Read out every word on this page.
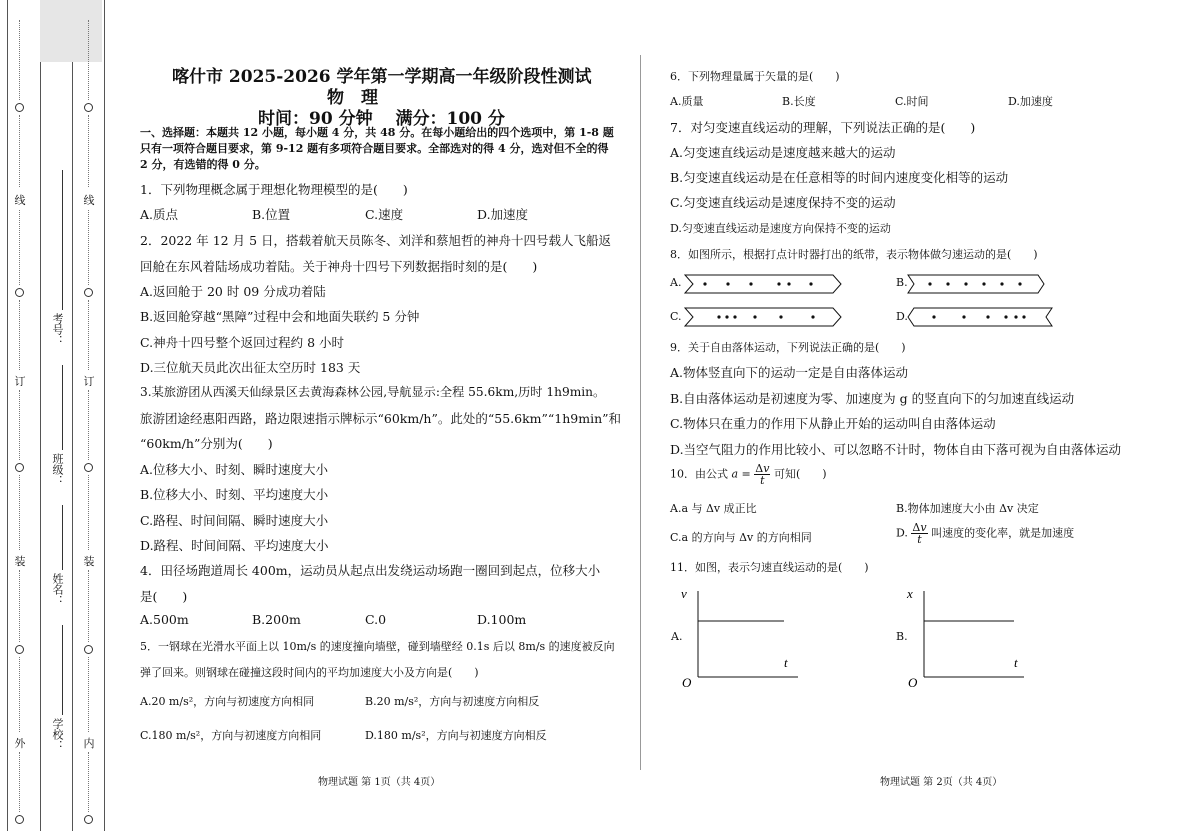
线
订
装
外
线
订
装
内
考号：
班级：
姓名：
学校：
喀什市 2025-2026 学年第一学期高一年级阶段性测试
物　理
时间：90 分钟　 满分：100 分
一、选择题：本题共 12 小题，每小题 4 分，共 48 分。在每小题给出的四个选项中，第 1-8 题
只有一项符合题目要求，第 9-12 题有多项符合题目要求。全部选对的得 4 分，选对但不全的得
2 分，有选错的得 0 分。
1．下列物理概念属于理想化物理模型的是(　　)
A.质点	B.位置	C.速度	D.加速度
2．2022 年 12 月 5 日，搭载着航天员陈冬、刘洋和蔡旭哲的神舟十四号载人飞船返
回舱在东风着陆场成功着陆。关于神舟十四号下列数据指时刻的是(　　)
A.返回舱于 20 时 09 分成功着陆
B.返回舱穿越“黑障”过程中会和地面失联约 5 分钟
C.神舟十四号整个返回过程约 8 小时
D.三位航天员此次出征太空历时 183 天
3.某旅游团从西溪天仙绿景区去黄海森林公园,导航显示:全程 55.6km,历时 1h9min。
旅游团途经惠阳西路，路边限速指示牌标示“60km/h”。此处的“55.6km”“1h9min”和
“60km/h”分别为(　　)
A.位移大小、时刻、瞬时速度大小
B.位移大小、时刻、平均速度大小
C.路程、时间间隔、瞬时速度大小
D.路程、时间间隔、平均速度大小
4．田径场跑道周长 400m，运动员从起点出发绕运动场跑一圈回到起点，位移大小
是(　　)
A.500m	B.200m	C.0	D.100m
5．一钢球在光滑水平面上以 10m/s 的速度撞向墙壁，碰到墙壁经 0.1s 后以 8m/s 的速度被反向
弹了回来。则钢球在碰撞这段时间内的平均加速度大小及方向是(　　)
A.20 m/s²，方向与初速度方向相同	B.20 m/s²，方向与初速度方向相反
C.180 m/s²，方向与初速度方向相同	D.180 m/s²，方向与初速度方向相反
物理试题 第 1页（共 4页）
6．下列物理量属于矢量的是(　　)
A.质量	B.长度	C.时间	D.加速度
7．对匀变速直线运动的理解，下列说法正确的是(　　)
A.匀变速直线运动是速度越来越大的运动
B.匀变速直线运动是在任意相等的时间内速度变化相等的运动
C.匀变速直线运动是速度保持不变的运动
D.匀变速直线运动是速度方向保持不变的运动
8．如图所示，根据打点计时器打出的纸带，表示物体做匀速运动的是(　　)
A.	B.
C.	D.
9．关于自由落体运动，下列说法正确的是(　　)
A.物体竖直向下的运动一定是自由落体运动
B.自由落体运动是初速度为零、加速度为 g 的竖直向下的匀加速直线运动
C.物体只在重力的作用下从静止开始的运动叫自由落体运动
D.当空气阻力的作用比较小、可以忽略不计时，物体自由下落可视为自由落体运动
10．由公式 $a = \frac{\Delta v}{t}$ 可知(　　)
A.a 与 Δv 成正比	B.物体加速度大小由 Δv 决定
C.a 的方向与 Δv 的方向相同	D. $\frac{\Delta v}{t}$ 叫速度的变化率，就是加速度
11．如图，表示匀速直线运动的是(　　)
A.
v
t
O
B.
x
t
O
物理试题 第 2页（共 4页）
